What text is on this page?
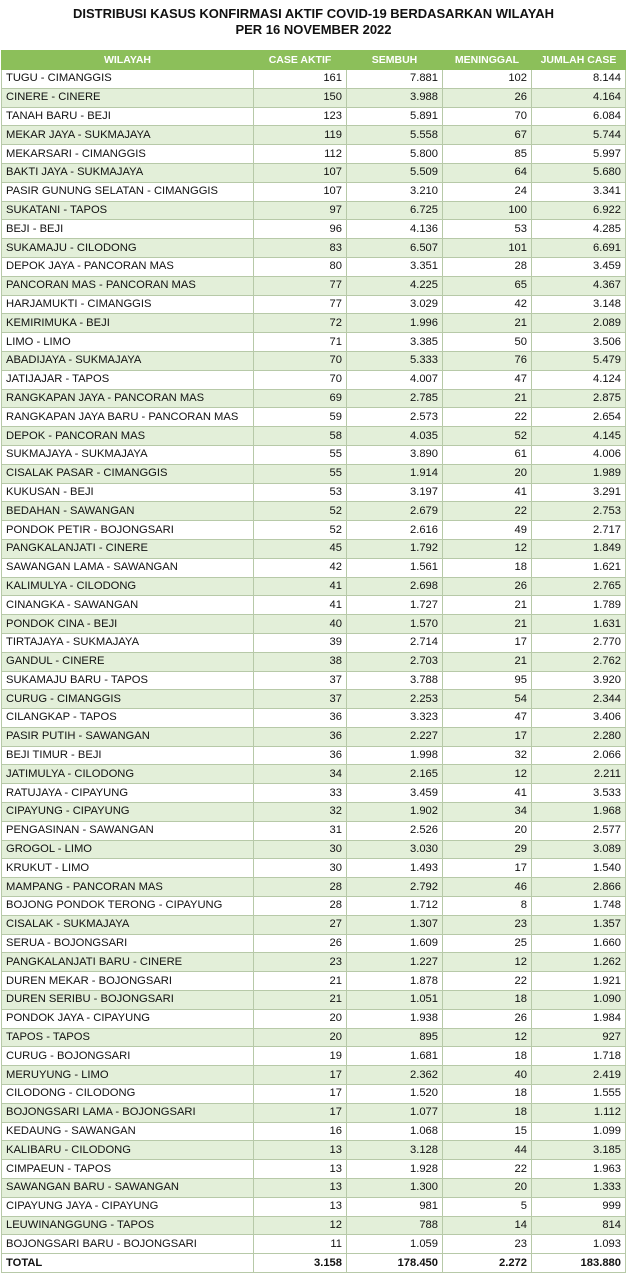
DISTRIBUSI KASUS KONFIRMASI AKTIF COVID-19 BERDASARKAN WILAYAH
PER 16 NOVEMBER 2022
WILAYAH	CASE AKTIF	SEMBUH	MENINGGAL	JUMLAH CASE
TUGU - CIMANGGIS	161	7.881	102	8.144
CINERE - CINERE	150	3.988	26	4.164
TANAH BARU - BEJI	123	5.891	70	6.084
MEKAR JAYA - SUKMAJAYA	119	5.558	67	5.744
MEKARSARI - CIMANGGIS	112	5.800	85	5.997
BAKTI JAYA - SUKMAJAYA	107	5.509	64	5.680
PASIR GUNUNG SELATAN - CIMANGGIS	107	3.210	24	3.341
SUKATANI - TAPOS	97	6.725	100	6.922
BEJI - BEJI	96	4.136	53	4.285
SUKAMAJU - CILODONG	83	6.507	101	6.691
DEPOK JAYA - PANCORAN MAS	80	3.351	28	3.459
PANCORAN MAS - PANCORAN MAS	77	4.225	65	4.367
HARJAMUKTI - CIMANGGIS	77	3.029	42	3.148
KEMIRIMUKA - BEJI	72	1.996	21	2.089
LIMO - LIMO	71	3.385	50	3.506
ABADIJAYA - SUKMAJAYA	70	5.333	76	5.479
JATIJAJAR - TAPOS	70	4.007	47	4.124
RANGKAPAN JAYA - PANCORAN MAS	69	2.785	21	2.875
RANGKAPAN JAYA BARU - PANCORAN MAS	59	2.573	22	2.654
DEPOK - PANCORAN MAS	58	4.035	52	4.145
SUKMAJAYA - SUKMAJAYA	55	3.890	61	4.006
CISALAK PASAR - CIMANGGIS	55	1.914	20	1.989
KUKUSAN - BEJI	53	3.197	41	3.291
BEDAHAN - SAWANGAN	52	2.679	22	2.753
PONDOK PETIR - BOJONGSARI	52	2.616	49	2.717
PANGKALANJATI - CINERE	45	1.792	12	1.849
SAWANGAN LAMA - SAWANGAN	42	1.561	18	1.621
KALIMULYA - CILODONG	41	2.698	26	2.765
CINANGKA - SAWANGAN	41	1.727	21	1.789
PONDOK CINA - BEJI	40	1.570	21	1.631
TIRTAJAYA - SUKMAJAYA	39	2.714	17	2.770
GANDUL - CINERE	38	2.703	21	2.762
SUKAMAJU BARU - TAPOS	37	3.788	95	3.920
CURUG - CIMANGGIS	37	2.253	54	2.344
CILANGKAP - TAPOS	36	3.323	47	3.406
PASIR PUTIH - SAWANGAN	36	2.227	17	2.280
BEJI TIMUR - BEJI	36	1.998	32	2.066
JATIMULYA - CILODONG	34	2.165	12	2.211
RATUJAYA - CIPAYUNG	33	3.459	41	3.533
CIPAYUNG - CIPAYUNG	32	1.902	34	1.968
PENGASINAN - SAWANGAN	31	2.526	20	2.577
GROGOL - LIMO	30	3.030	29	3.089
KRUKUT - LIMO	30	1.493	17	1.540
MAMPANG - PANCORAN MAS	28	2.792	46	2.866
BOJONG PONDOK TERONG - CIPAYUNG	28	1.712	8	1.748
CISALAK - SUKMAJAYA	27	1.307	23	1.357
SERUA - BOJONGSARI	26	1.609	25	1.660
PANGKALANJATI BARU - CINERE	23	1.227	12	1.262
DUREN MEKAR - BOJONGSARI	21	1.878	22	1.921
DUREN SERIBU - BOJONGSARI	21	1.051	18	1.090
PONDOK JAYA - CIPAYUNG	20	1.938	26	1.984
TAPOS - TAPOS	20	895	12	927
CURUG - BOJONGSARI	19	1.681	18	1.718
MERUYUNG - LIMO	17	2.362	40	2.419
CILODONG - CILODONG	17	1.520	18	1.555
BOJONGSARI LAMA - BOJONGSARI	17	1.077	18	1.112
KEDAUNG - SAWANGAN	16	1.068	15	1.099
KALIBARU - CILODONG	13	3.128	44	3.185
CIMPAEUN - TAPOS	13	1.928	22	1.963
SAWANGAN BARU - SAWANGAN	13	1.300	20	1.333
CIPAYUNG JAYA - CIPAYUNG	13	981	5	999
LEUWINANGGUNG - TAPOS	12	788	14	814
BOJONGSARI BARU - BOJONGSARI	11	1.059	23	1.093
TOTAL	3.158	178.450	2.272	183.880
